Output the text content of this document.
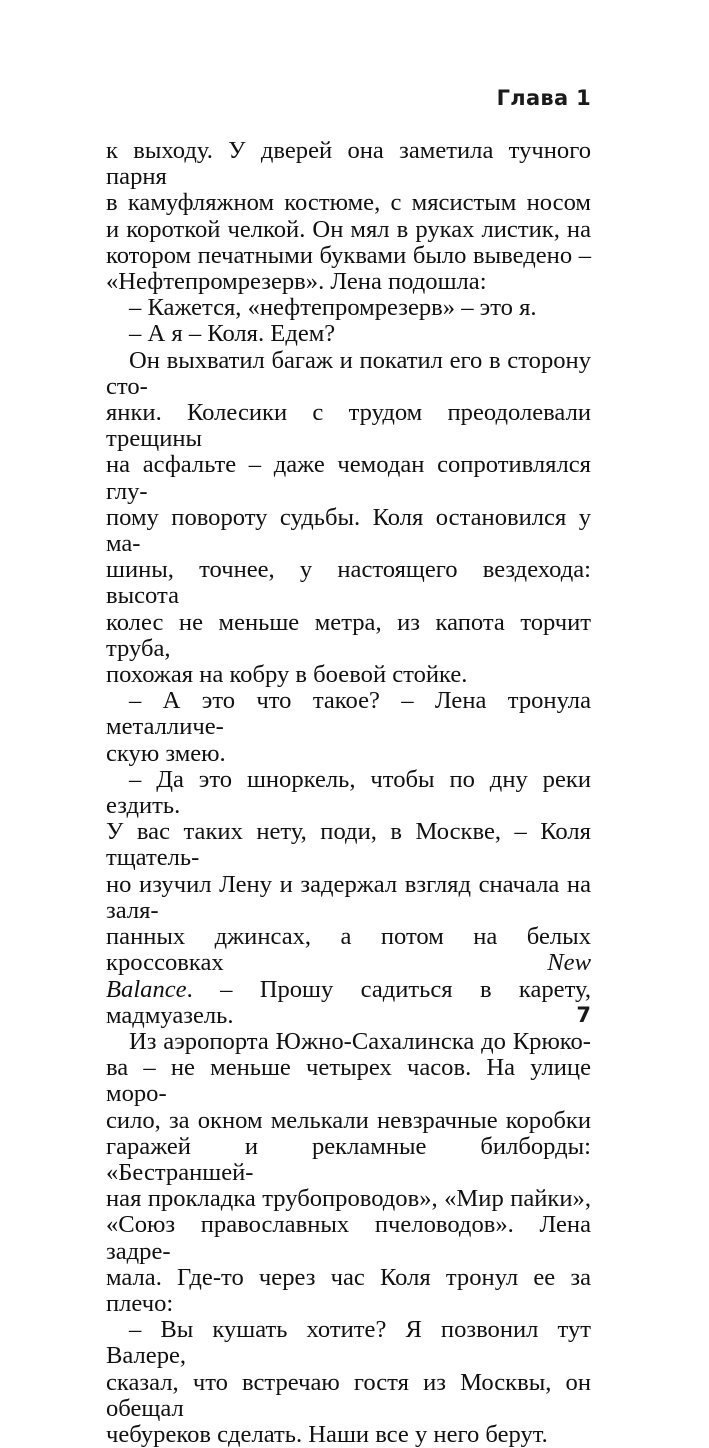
Глава 1

к выходу. У дверей она заметила тучного парня

в камуфляжном костюме, с мясистым носом

и короткой челкой. Он мял в руках листик, на

котором печатными буквами было выведено –

«Нефтепромрезерв». Лена подошла:

– Кажется, «нефтепромрезерв» – это я.

– А я – Коля. Едем?

Он выхватил багаж и покатил его в сторону сто-

янки. Колесики с трудом преодолевали трещины

на асфальте – даже чемодан сопротивлялся глу-

пому повороту судьбы. Коля остановился у ма-

шины, точнее, у настоящего вездехода: высота

колес не меньше метра, из капота торчит труба,

похожая на кобру в боевой стойке.

– А это что такое? – Лена тронула металличе-

скую змею.

– Да это шноркель, чтобы по дну реки ездить.

У вас таких нету, поди, в Москве, – Коля тщатель-

но изучил Лену и задержал взгляд сначала на заля-

панных джинсах, а потом на белых кроссовках New

Balance. – Прошу садиться в карету, мадмуазель.

Из аэропорта Южно-Сахалинска до Крюко-

ва – не меньше четырех часов. На улице моро-

сило, за окном мелькали невзрачные коробки

гаражей и рекламные билборды: «Бестраншей-

ная прокладка трубопроводов», «Мир пайки»,

«Союз православных пчеловодов». Лена задре-

мала. Где-то через час Коля тронул ее за плечо:

– Вы кушать хотите? Я позвонил тут Валере,

сказал, что встречаю гостя из Москвы, он обещал

чебуреков сделать. Наши все у него берут.

7
